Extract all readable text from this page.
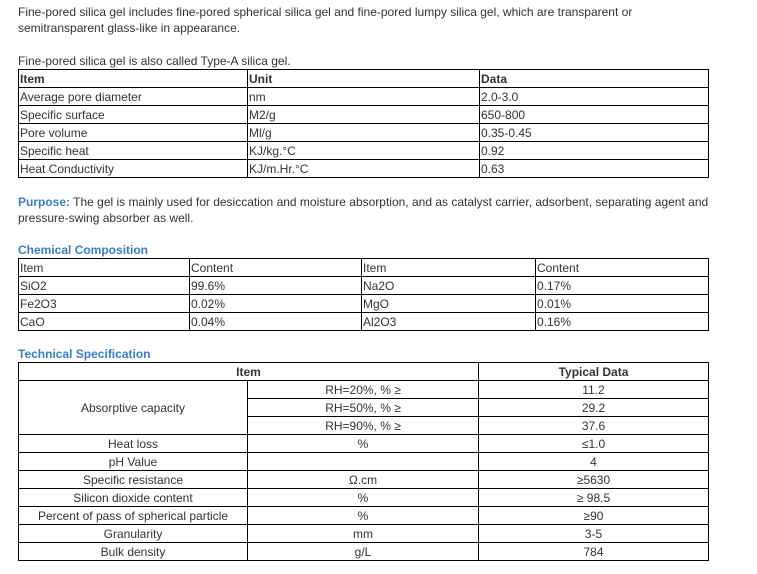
Fine-pored silica gel includes fine-pored spherical silica gel and fine-pored lumpy silica gel, which are transparent or semitransparent glass-like in appearance.

Fine-pored silica gel is also called Type-A silica gel.

Item	Unit	Data
Average pore diameter	nm	2.0-3.0
Specific surface	M2/g	650-800
Pore volume	Ml/g	0.35-0.45
Specific heat	KJ/kg.°C	0.92
Heat Conductivity	KJ/m.Hr.°C	0.63

Purpose: The gel is mainly used for desiccation and moisture absorption, and as catalyst carrier, adsorbent, separating agent and pressure-swing absorber as well.

Chemical Composition
Item	Content	Item	Content
SiO2	99.6%	Na2O	0.17%
Fe2O3	0.02%	MgO	0.01%
CaO	0.04%	Al2O3	0.16%
Technical Specification
Item		Typical Data
Absorptive capacity	RH=20%, % ≥	11.2
	RH=50%, % ≥	29.2
	RH=90%, % ≥	37.6
Heat loss	%	≤1.0
pH Value		4
Specific resistance	Ω.cm	≥5630
Silicon dioxide content	%	≥ 98.5
Percent of pass of spherical particle	%	≥90
Granularity	mm	3-5
Bulk density	g/L	784
